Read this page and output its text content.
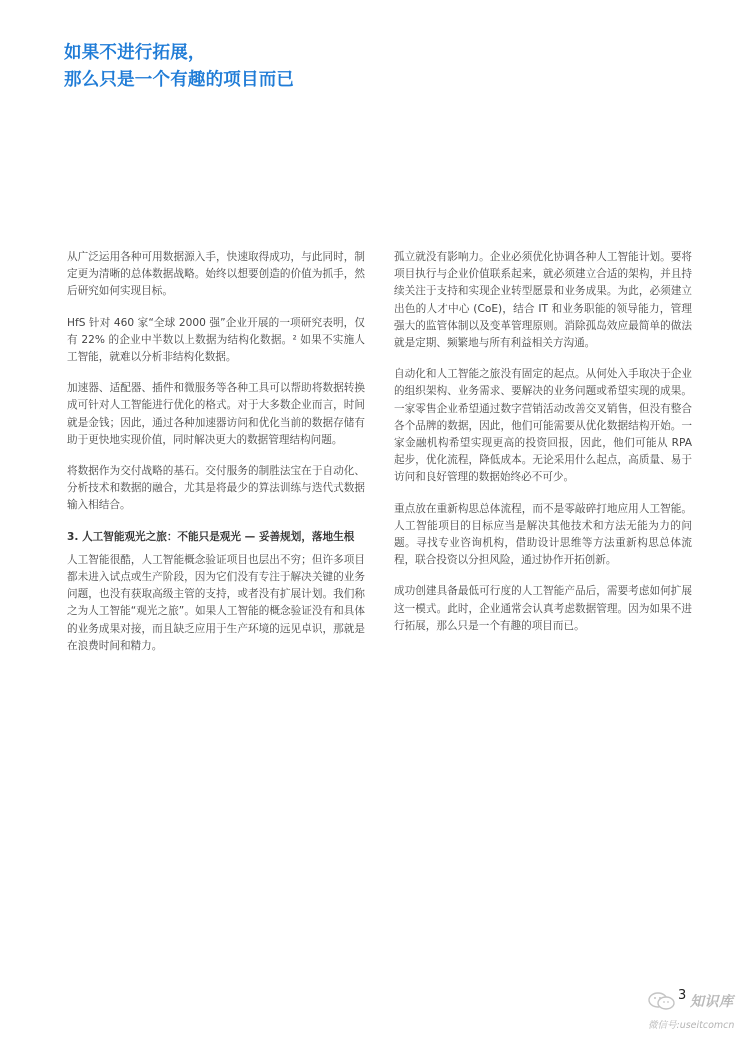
如果不进行拓展，
那么只是一个有趣的项目而已

从广泛运用各种可用数据源入手，快速取得成功，与此同时，制定更为清晰的总体数据战略。始终以想要创造的价值为抓手，然后研究如何实现目标。

HfS 针对 460 家“全球 2000 强”企业开展的一项研究表明，仅有 22% 的企业中半数以上数据为结构化数据。² 如果不实施人工智能，就难以分析非结构化数据。

加速器、适配器、插件和微服务等各种工具可以帮助将数据转换成可针对人工智能进行优化的格式。对于大多数企业而言，时间就是金钱；因此，通过各种加速器访问和优化当前的数据存储有助于更快地实现价值，同时解决更大的数据管理结构问题。

将数据作为交付战略的基石。交付服务的制胜法宝在于自动化、分析技术和数据的融合，尤其是将最少的算法训练与迭代式数据输入相结合。

3. 人工智能观光之旅：不能只是观光 — 妥善规划，落地生根

人工智能很酷，人工智能概念验证项目也层出不穷；但许多项目都未进入试点或生产阶段，因为它们没有专注于解决关键的业务问题，也没有获取高级主管的支持，或者没有扩展计划。我们称之为人工智能“观光之旅”。如果人工智能的概念验证没有和具体的业务成果对接，而且缺乏应用于生产环境的远见卓识，那就是在浪费时间和精力。

孤立就没有影响力。企业必须优化协调各种人工智能计划。要将项目执行与企业价值联系起来，就必须建立合适的架构，并且持续关注于支持和实现企业转型愿景和业务成果。为此，必须建立出色的人才中心 (CoE)，结合 IT 和业务职能的领导能力，管理强大的监管体制以及变革管理原则。消除孤岛效应最简单的做法就是定期、频繁地与所有利益相关方沟通。

自动化和人工智能之旅没有固定的起点。从何处入手取决于企业的组织架构、业务需求、要解决的业务问题或希望实现的成果。一家零售企业希望通过数字营销活动改善交叉销售，但没有整合各个品牌的数据，因此，他们可能需要从优化数据结构开始。一家金融机构希望实现更高的投资回报，因此，他们可能从 RPA 起步，优化流程，降低成本。无论采用什么起点，高质量、易于访问和良好管理的数据始终必不可少。

重点放在重新构思总体流程，而不是零敲碎打地应用人工智能。人工智能项目的目标应当是解决其他技术和方法无能为力的问题。寻找专业咨询机构，借助设计思维等方法重新构思总体流程，联合投资以分担风险，通过协作开拓创新。

成功创建具备最低可行度的人工智能产品后，需要考虑如何扩展这一模式。此时，企业通常会认真考虑数据管理。因为如果不进行拓展，那么只是一个有趣的项目而已。

3 知识库
微信号:useitcomcn
